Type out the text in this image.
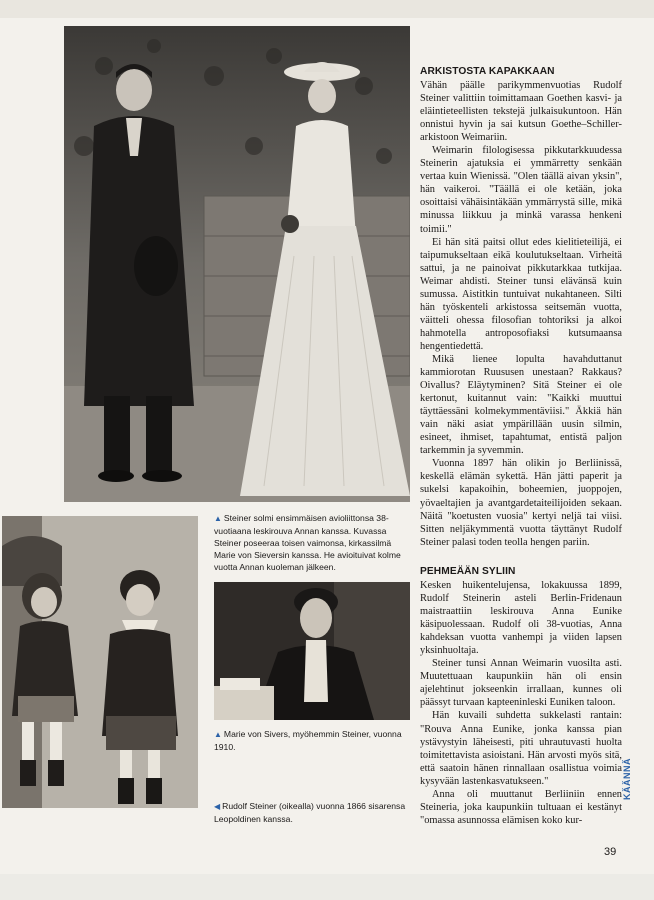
▲ Steiner solmi ensimmäisen avioliittonsa 38-vuotiaana leskirouva Annan kanssa. Kuvassa Steiner poseeraa toisen vaimonsa, kirkassilmä Marie von Sieversin kanssa. He avioituivat kolme vuotta Annan kuoleman jälkeen.
▲ Marie von Sivers, myöhemmin Steiner, vuonna 1910.
◀ Rudolf Steiner (oikealla) vuonna 1866 sisarensa Leopoldinen kanssa.
ARKISTOSTA KAPAKKAAN

Vähän päälle parikymmenvuotias Rudolf Steiner valittiin toimittamaan Goethen kasvi- ja eläintieteellisten tekstejä julkaisukuntoon. Hän onnistui hyvin ja sai kutsun Goethe–Schiller-arkistoon Weimariin.

Weimarin filologisessa pikkutarkkuudessa Steinerin ajatuksia ei ymmärretty senkään vertaa kuin Wienissä. "Olen täällä aivan yksin", hän vaikeroi. "Täällä ei ole ketään, joka osoittaisi vähäisintäkään ymmärrystä sille, mikä minussa liikkuu ja minkä varassa henkeni toimii."

Ei hän sitä paitsi ollut edes kielitieteilijä, ei taipumukseltaan eikä koulutukseltaan. Virheitä sattui, ja ne painoivat pikkutarkkaa tutkijaa. Weimar ahdisti. Steiner tunsi elävänsä kuin sumussa. Aistitkin tuntuivat nukahtaneen. Silti hän työskenteli arkistossa seitsemän vuotta, väitteli ohessa filosofian tohtoriksi ja alkoi hahmotella antroposofiaksi kutsumaansa hengentiedettä.

Mikä lienee lopulta havahduttanut kammiorotan Ruususen unestaan? Rakkaus? Oivallus? Eläytyminen? Sitä Steiner ei ole kertonut, kuitannut vain: "Kaikki muuttui täyttäessäni kolmekymmentäviisi." Äkkiä hän vain näki asiat ympärillään uusin silmin, esineet, ihmiset, tapahtumat, entistä paljon tarkemmin ja syvemmin.

Vuonna 1897 hän olikin jo Berliinissä, keskellä elämän sykettä. Hän jätti paperit ja sukelsi kapakoihin, boheemien, juoppojen, yövaeltajien ja avantgardetaiteilijoiden sekaan. Näitä "koetusten vuosia" kertyi neljä tai viisi. Sitten neljäkymmentä vuotta täyttänyt Rudolf Steiner palasi toden teolla hengen pariin.

PEHMEÄÄN SYLIIN

Kesken huikentelujensa, lokakuussa 1899, Rudolf Steinerin asteli Berlin-Fridenaun maistraattiin leskirouva Anna Eunike käsipuolessaan. Rudolf oli 38-vuotias, Anna kahdeksan vuotta vanhempi ja viiden lapsen yksinhuoltaja.

Steiner tunsi Annan Weimarin vuosilta asti. Muutettuaan kaupunkiin hän oli ensin ajelehtinut jokseenkin irrallaan, kunnes oli päässyt turvaan kapteeninleski Euniken taloon.

Hän kuvaili suhdetta sukkelasti rantain: "Rouva Anna Eunike, jonka kanssa pian ystävystyin läheisesti, piti uhrautuvasti huolta toimitettavista asioistani. Hän arvosti myös sitä, että saatoin hänen rinnallaan osallistua voimia kysyvään lastenkasvatukseen."

Anna oli muuttanut Berliiniin ennen Steineria, joka kaupunkiin tultuaan ei kestänyt "omassa asunnossa elämisen koko kur-

KÄÄNNÄ
39
